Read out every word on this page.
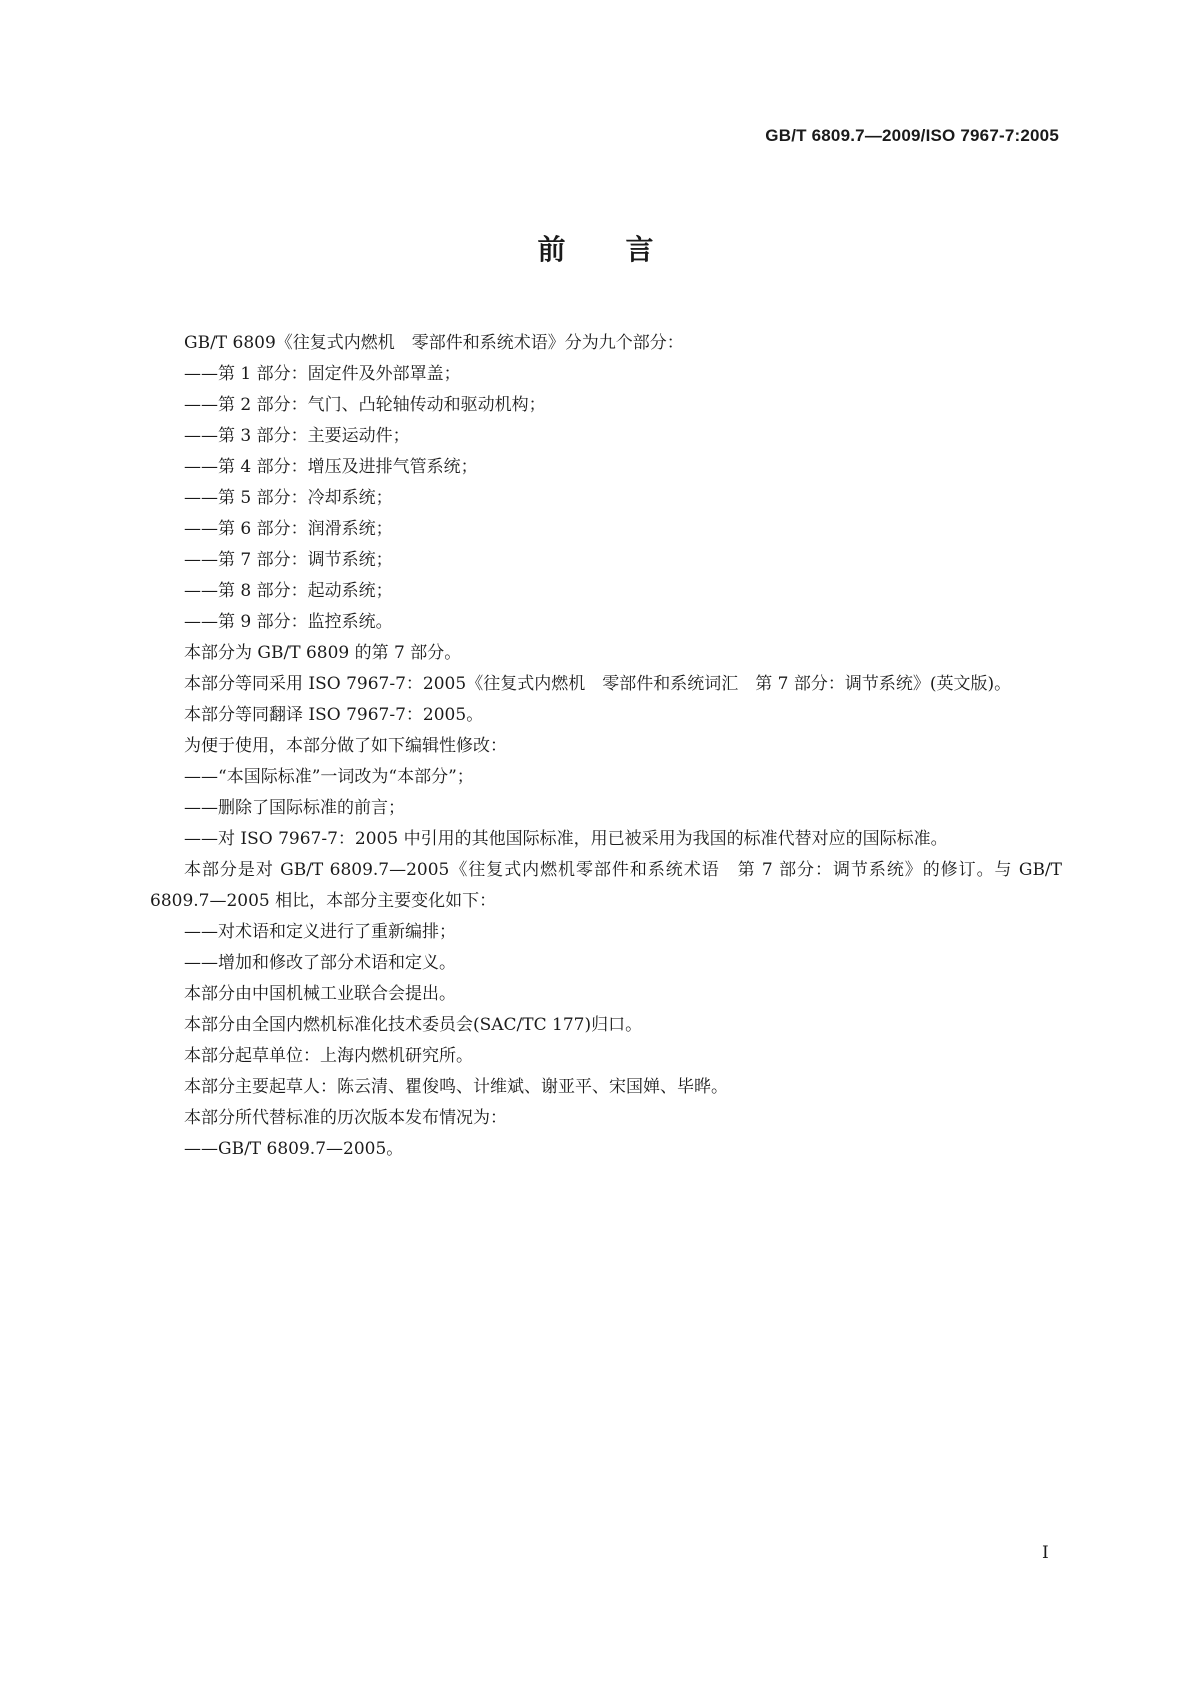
GB/T 6809.7—2009/ISO 7967-7:2005
前言

GB/T 6809《往复式内燃机　零部件和系统术语》分为九个部分：

——第 1 部分：固定件及外部罩盖；

——第 2 部分：气门、凸轮轴传动和驱动机构；

——第 3 部分：主要运动件；

——第 4 部分：增压及进排气管系统；

——第 5 部分：冷却系统；

——第 6 部分：润滑系统；

——第 7 部分：调节系统；

——第 8 部分：起动系统；

——第 9 部分：监控系统。

本部分为 GB/T 6809 的第 7 部分。

本部分等同采用 ISO 7967-7：2005《往复式内燃机　零部件和系统词汇　第 7 部分：调节系统》(英文版)。

本部分等同翻译 ISO 7967-7：2005。

为便于使用，本部分做了如下编辑性修改：

——“本国际标准”一词改为“本部分”；

——删除了国际标准的前言；

——对 ISO 7967-7：2005 中引用的其他国际标准，用已被采用为我国的标准代替对应的国际标准。

本部分是对 GB/T 6809.7—2005《往复式内燃机零部件和系统术语　第 7 部分：调节系统》的修订。与 GB/T 6809.7—2005 相比，本部分主要变化如下：

——对术语和定义进行了重新编排；

——增加和修改了部分术语和定义。

本部分由中国机械工业联合会提出。

本部分由全国内燃机标准化技术委员会(SAC/TC 177)归口。

本部分起草单位：上海内燃机研究所。

本部分主要起草人：陈云清、瞿俊鸣、计维斌、谢亚平、宋国婵、毕晔。

本部分所代替标准的历次版本发布情况为：

——GB/T 6809.7—2005。

I
